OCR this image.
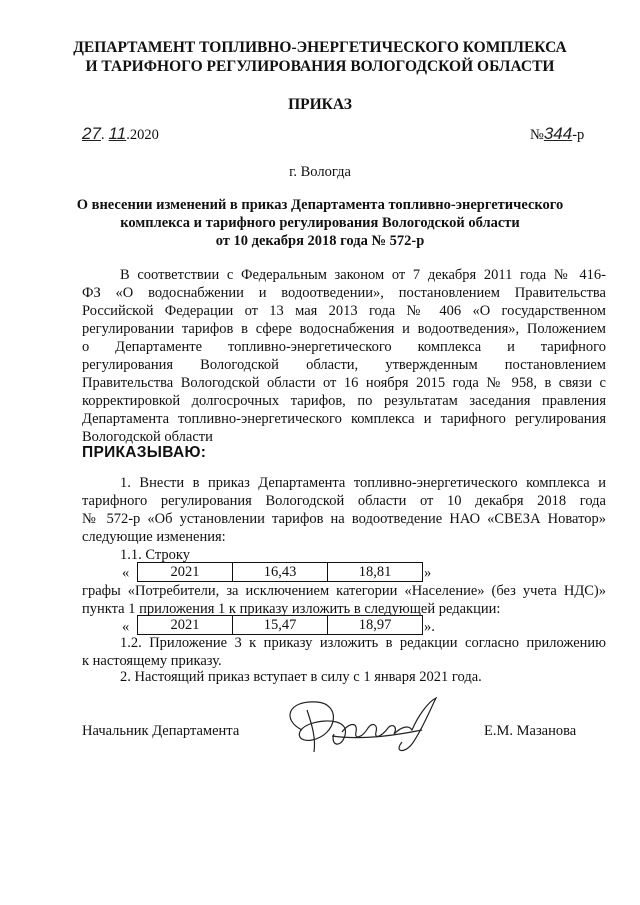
ДЕПАРТАМЕНТ ТОПЛИВНО-ЭНЕРГЕТИЧЕСКОГО КОМПЛЕКСА
И ТАРИФНОГО РЕГУЛИРОВАНИЯ ВОЛОГОДСКОЙ ОБЛАСТИ
ПРИКАЗ
27. 11.2020	№344-р
г. Вологда
О внесении изменений в приказ Департамента топливно-энергетического
комплекса и тарифного регулирования Вологодской области
от 10 декабря 2018 года № 572-р
В соответствии с Федеральным законом от 7 декабря 2011 года № 416-
ФЗ «О водоснабжении и водоотведении», постановлением Правительства
Российской Федерации от 13 мая 2013 года № 406 «О государственном
регулировании тарифов в сфере водоснабжения и водоотведения», Положением
о Департаменте топливно-энергетического комплекса и тарифного
регулирования Вологодской области, утвержденным постановлением
Правительства Вологодской области от 16 ноября 2015 года № 958, в связи с
корректировкой долгосрочных тарифов, по результатам заседания правления
Департамента топливно-энергетического комплекса и тарифного регулирования
Вологодской области
ПРИКАЗЫВАЮ:
1. Внести в приказ Департамента топливно-энергетического комплекса и
тарифного регулирования Вологодской области от 10 декабря 2018 года
№ 572-р «Об установлении тарифов на водоотведение НАО «СВЕЗА Новатор»
следующие изменения:
1.1. Строку
«	2021	16,43	18,81 »
графы «Потребители, за исключением категории «Население» (без учета НДС)»
пункта 1 приложения 1 к приказу изложить в следующей редакции:
«	2021	15,47	18,97 ».
1.2. Приложение 3 к приказу изложить в редакции согласно приложению
к настоящему приказу.
2. Настоящий приказ вступает в силу с 1 января 2021 года.
Начальник Департамента	Е.М. Мазанова
